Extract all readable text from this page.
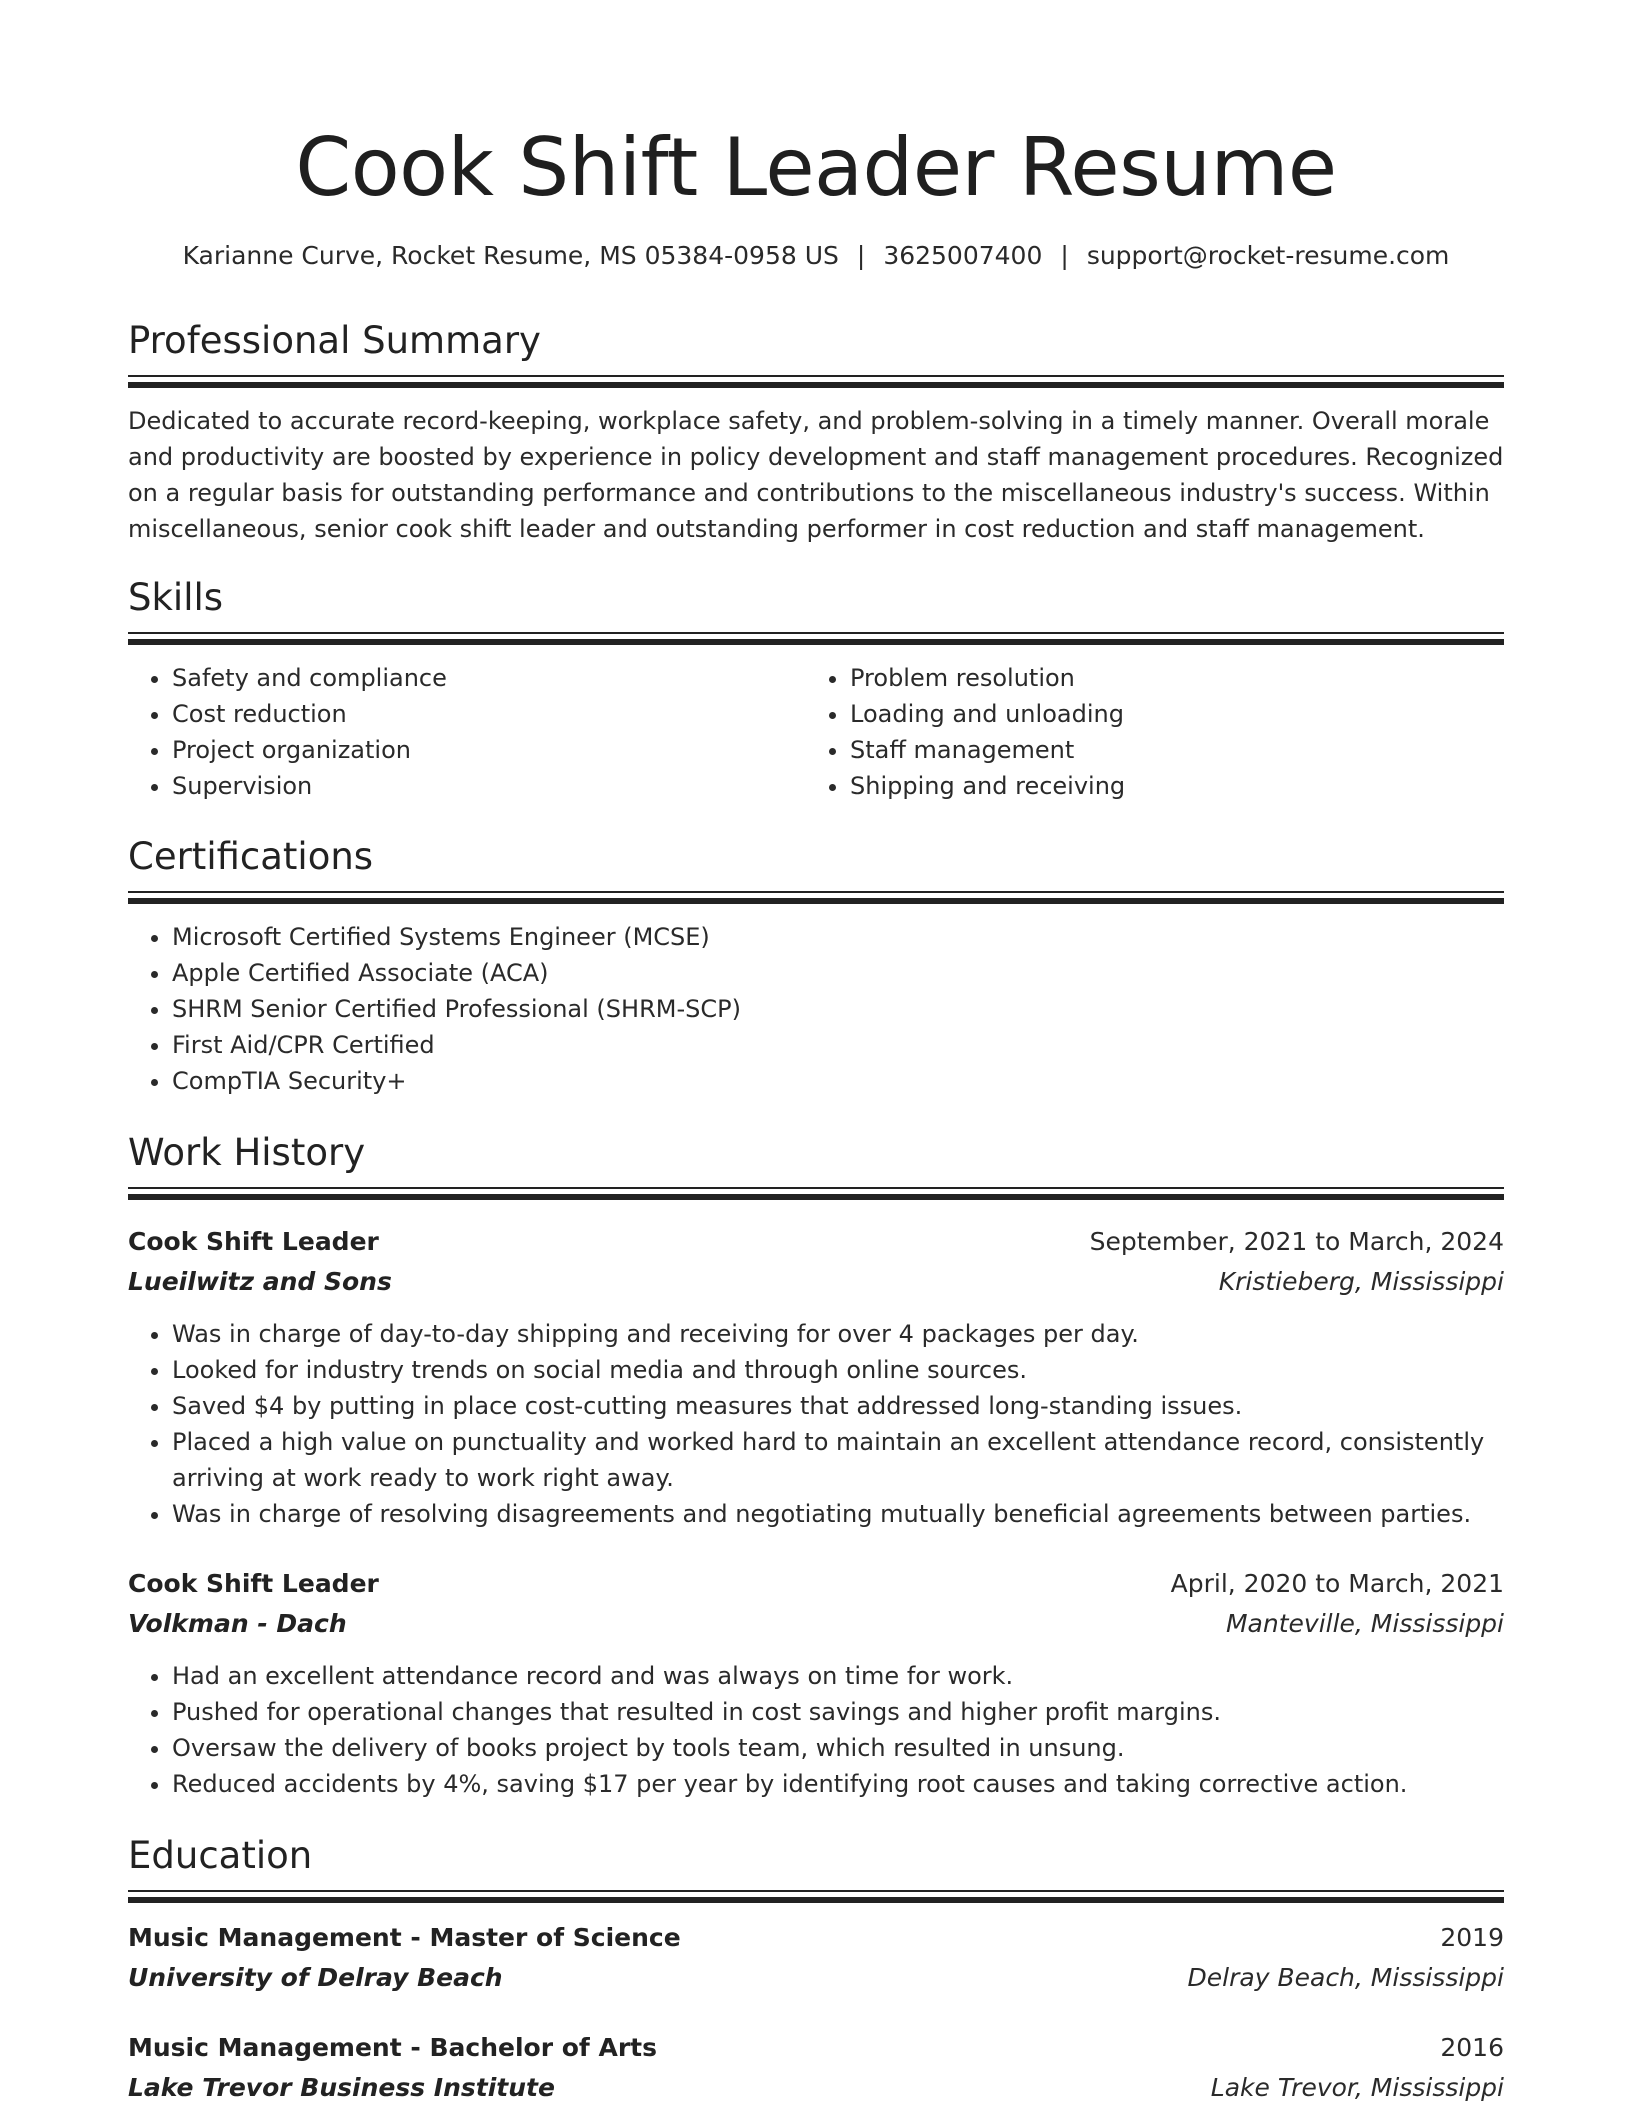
Cook Shift Leader Resume
Karianne Curve, Rocket Resume, MS 05384-0958 US | 3625007400 | support@rocket-resume.com
Professional Summary
Dedicated to accurate record-keeping, workplace safety, and problem-solving in a timely manner. Overall morale and productivity are boosted by experience in policy development and staff management procedures. Recognized on a regular basis for outstanding performance and contributions to the miscellaneous industry's success. Within miscellaneous, senior cook shift leader and outstanding performer in cost reduction and staff management.
Skills
• Safety and compliance
• Cost reduction
• Project organization
• Supervision
• Problem resolution
• Loading and unloading
• Staff management
• Shipping and receiving
Certifications
• Microsoft Certified Systems Engineer (MCSE)
• Apple Certified Associate (ACA)
• SHRM Senior Certified Professional (SHRM-SCP)
• First Aid/CPR Certified
• CompTIA Security+
Work History
Cook Shift Leader	September, 2021 to March, 2024
Lueilwitz and Sons	Kristieberg, Mississippi
• Was in charge of day-to-day shipping and receiving for over 4 packages per day.
• Looked for industry trends on social media and through online sources.
• Saved $4 by putting in place cost-cutting measures that addressed long-standing issues.
• Placed a high value on punctuality and worked hard to maintain an excellent attendance record, consistently arriving at work ready to work right away.
• Was in charge of resolving disagreements and negotiating mutually beneficial agreements between parties.
Cook Shift Leader	April, 2020 to March, 2021
Volkman - Dach	Manteville, Mississippi
• Had an excellent attendance record and was always on time for work.
• Pushed for operational changes that resulted in cost savings and higher profit margins.
• Oversaw the delivery of books project by tools team, which resulted in unsung.
• Reduced accidents by 4%, saving $17 per year by identifying root causes and taking corrective action.
Education
Music Management - Master of Science	2019
University of Delray Beach	Delray Beach, Mississippi
Music Management - Bachelor of Arts	2016
Lake Trevor Business Institute	Lake Trevor, Mississippi
